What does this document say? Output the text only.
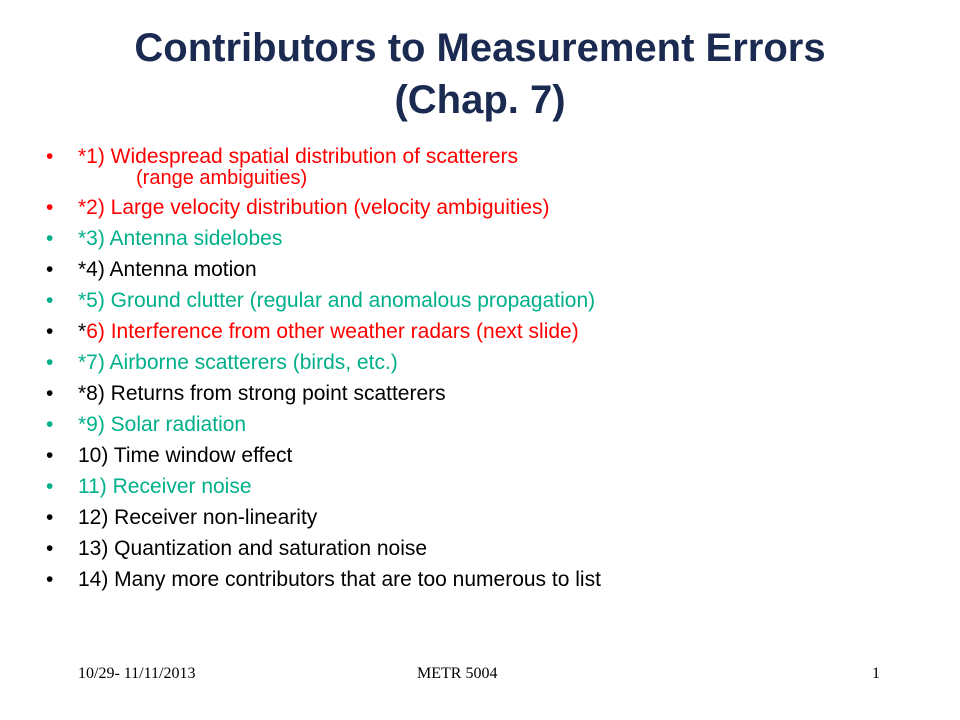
Contributors to Measurement Errors
(Chap. 7)
• *1) Widespread spatial distribution of scatterers
(range ambiguities)
• *2) Large velocity distribution (velocity ambiguities)
• *3) Antenna sidelobes
• *4) Antenna motion
• *5) Ground clutter (regular and anomalous propagation)
• *6) Interference from other weather radars (next slide)
• *7) Airborne scatterers (birds, etc.)
• *8) Returns from strong point scatterers
• *9) Solar radiation
• 10) Time window effect
• 11) Receiver noise
• 12) Receiver non-linearity
• 13) Quantization and saturation noise
• 14) Many more contributors that are too numerous to list
10/29- 11/11/2013	METR 5004	1
